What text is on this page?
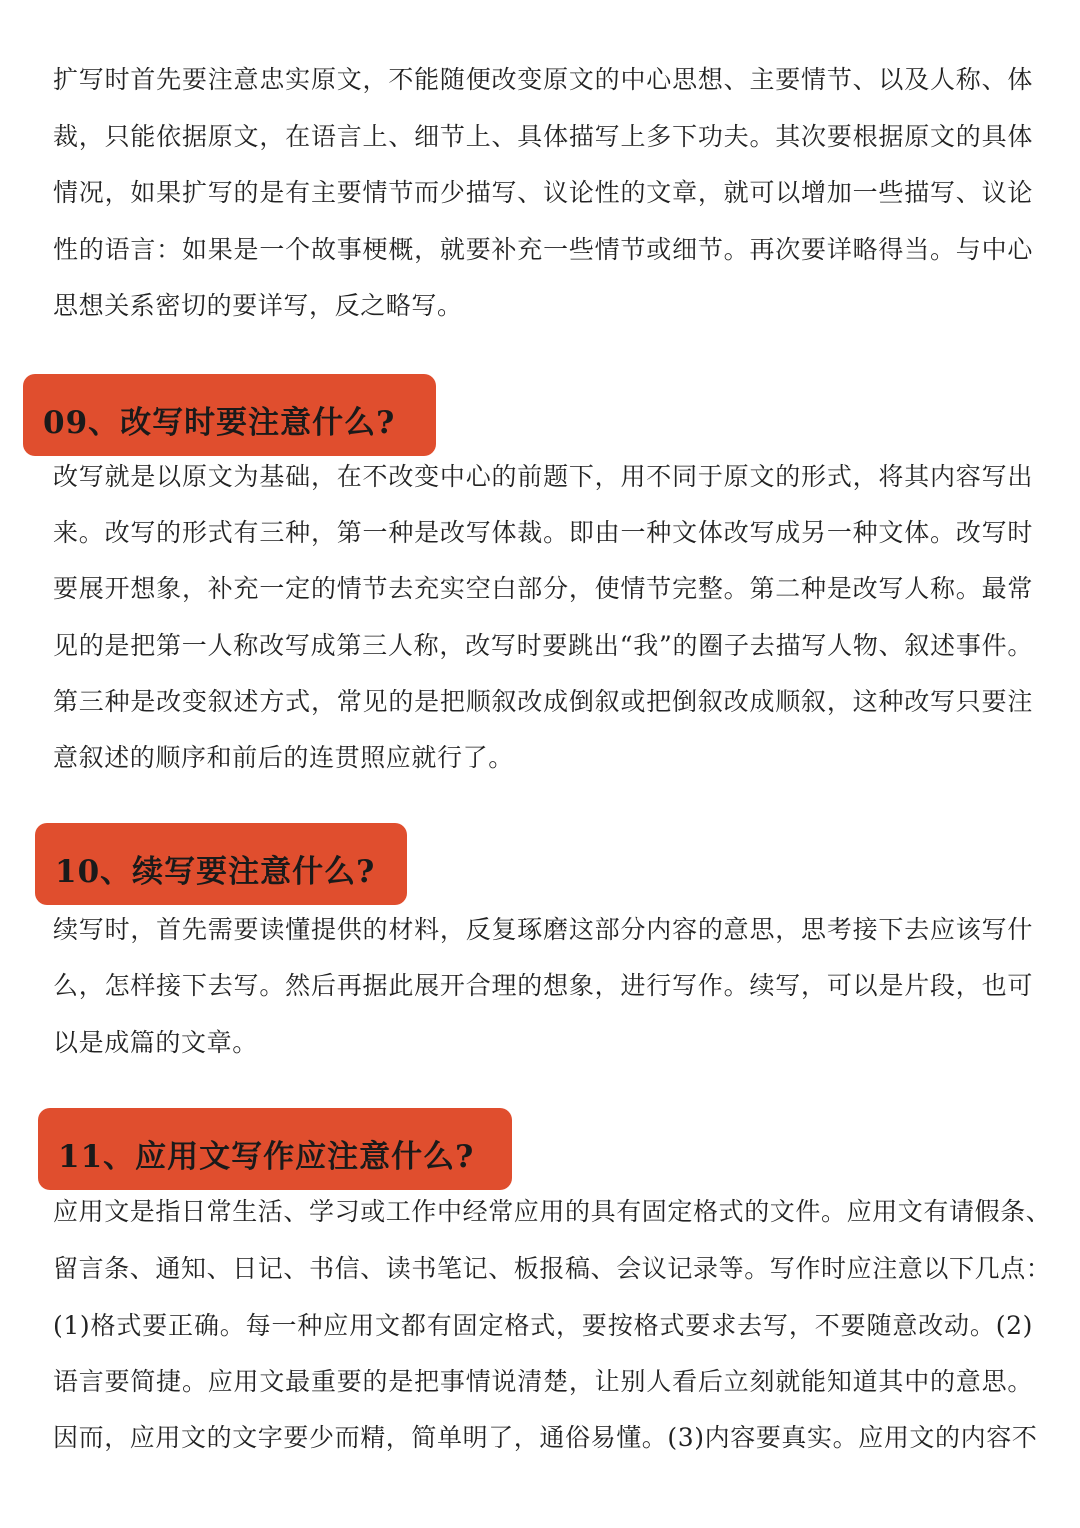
扩写时首先要注意忠实原文，不能随便改变原文的中心思想、主要情节、以及人称、体
裁，只能依据原文，在语言上、细节上、具体描写上多下功夫。其次要根据原文的具体
情况，如果扩写的是有主要情节而少描写、议论性的文章，就可以增加一些描写、议论
性的语言：如果是一个故事梗概，就要补充一些情节或细节。再次要详略得当。与中心
思想关系密切的要详写，反之略写。
09、改写时要注意什么?
改写就是以原文为基础，在不改变中心的前题下，用不同于原文的形式，将其内容写出
来。改写的形式有三种，第一种是改写体裁。即由一种文体改写成另一种文体。改写时
要展开想象，补充一定的情节去充实空白部分，使情节完整。第二种是改写人称。最常
见的是把第一人称改写成第三人称，改写时要跳出“我”的圈子去描写人物、叙述事件。
第三种是改变叙述方式，常见的是把顺叙改成倒叙或把倒叙改成顺叙，这种改写只要注
意叙述的顺序和前后的连贯照应就行了。
10、续写要注意什么?
续写时，首先需要读懂提供的材料，反复琢磨这部分内容的意思，思考接下去应该写什
么，怎样接下去写。然后再据此展开合理的想象，进行写作。续写，可以是片段，也可
以是成篇的文章。
11、应用文写作应注意什么?
应用文是指日常生活、学习或工作中经常应用的具有固定格式的文件。应用文有请假条、
留言条、通知、日记、书信、读书笔记、板报稿、会议记录等。写作时应注意以下几点：
(1)格式要正确。每一种应用文都有固定格式，要按格式要求去写，不要随意改动。(2)
语言要简捷。应用文最重要的是把事情说清楚，让别人看后立刻就能知道其中的意思。
因而，应用文的文字要少而精，简单明了，通俗易懂。(3)内容要真实。应用文的内容不
